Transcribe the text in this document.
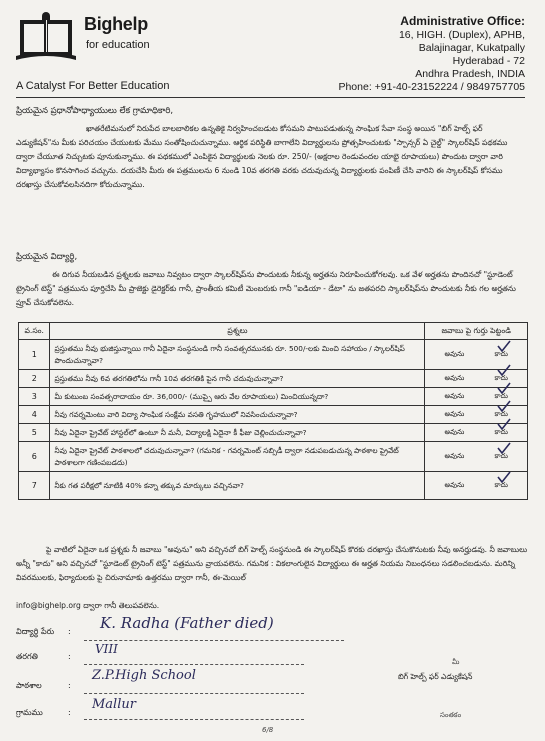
Bighelp
for education
A Catalyst For Better Education
Administrative Office:
16, HIGH. (Duplex), APHB,
Balajinagar, Kukatpally
Hyderabad - 72
Andhra Pradesh, INDIA
Phone: +91-40-23152224 / 9849757705
ప్రియమైన ప్రధానోపాధ్యాయులు లేక గ్రామాధికారి,
ఖాతరేటిమనులో నిరుపేద బాలబాలికల ఉన్నతికై నిర్వహించబడుట కోసమని పాటుపడుతున్న సాంఘిక సేవా సంస్థ అయిన "బిగ్ హెల్ప్ ఫర్ ఎడ్యుకేషన్"ను మీకు పరిచయం చేయుటకు మేము సంతోషించుచున్నాము. ఆర్థిక పరిస్థితి బాగాలేని విద్యార్థులను ప్రోత్సహించుటకు "స్పాన్సర్ ఏ చైల్డ్" స్కాలర్‌షిప్ పథకము ద్వారా చేయూత నిచ్చుటకు పూనుకున్నాము. ఈ పథకములో ఎంపికైన విద్యార్థులకు నెలకు రూ. 250/- (అక్షరాల రెండువందల యాభై రూపాయలు) పొందుట ద్వారా వారి విద్యాభ్యాసం కొనసాగించ వచ్చును. దయచేసి మీరు ఈ పత్రములను 6 నుండి 10వ తరగతి వరకు చదువుచున్న విద్యార్థులకు పంపిణీ చేసి వారిని ఈ స్కాలర్‌షిప్ కోసము దరఖాస్తు చేసుకోవలసినదిగా కోరుచున్నాము.
ప్రియమైన విద్యార్థి,
ఈ దిగువ నీయబడిన ప్రశ్నలకు జవాబు నివ్వటం ద్వారా స్కాలర్‌షిప్‌ను పొందుటకు నీకున్న అర్హతను నిరూపించుకోగలవు. ఒక వేళ అర్హతను పొందినచో "స్టూడెంట్ ట్రైనింగ్ టెస్ట్" పత్రమును పూర్తిచేసి మీ ప్రాజెక్టు డైరెక్టర్‌కు గానీ, ప్రాంతీయ కమిటీ మెంబరుకు గానీ "ఐడియా - డేటా" ను జతపరచి స్కాలర్‌షిప్‌ను పొందుటకు నీకు గల అర్హతను ప్రూవ్ చేసుకోవలెను.
వ.సం.	ప్రశ్నలు	జవాబు పై గుర్తు పెట్టండి
1	ప్రస్తుతము నీవు భుజిస్తున్నాయి గానీ ఏదైనా సంస్థనుండి గానీ సంవత్సరమునకు రూ. 500/-లకు మించి సహాయం / స్కాలర్‌షిప్ పొందుచున్నావా?	అవును కాదు

2	ప్రస్తుతము నీవు 6వ తరగతిలోను గానీ 10వ తరగతికి పైన గానీ చదువుచున్నావా?	అవును కాదు

3	మీ కుటుంబ సంవత్సరాదాయం రూ. 36,000/- (ముప్పై ఆరు వేల రూపాయలు) మించియున్నదా?	అవును కాదు

4	నీవు గవర్నమెంటు వారి విద్యా సాంఘిక సంక్షేమ వసతి గృహములో నివసించుచున్నావా?	అవును కాదు

5	నీవు ఏదైనా ప్రైవేట్ హాస్టల్‌లో ఉంటూ నీ మనీ, విద్యాలక్షి ఏదైనా కీ ఫీజు చెల్లించుచున్నావా?	అవును కాదు

6	నీవు ఏదైనా ప్రైవేట్ పాఠశాలలో చదువుచున్నావా? (గమనిక - గవర్నమెంట్ సబ్సిడీ ద్వారా నడుపబడుచున్న పాఠశాల ప్రైవేట్ పాఠశాలగా గణింపబడదు)	అవును కాదు

7	నీకు గత పరీక్షలో నూటికి 40% కన్నా తక్కువ మార్కులు వచ్చినవా?	అవును కాదు
పై వాటిలో ఏదైనా ఒక ప్రశ్నకు నీ జవాబు "అవును" అని వచ్చినచో బిగ్ హెల్ప్ సంస్థనుండి ఈ స్కాలర్‌షిప్ కొరకు దరఖాస్తు చేసుకొనుటకు నీవు అనర్హుడవు. నీ జవాబులు అన్నీ "కాదు" అని వచ్చినచో "స్టూడెంట్ ట్రైనింగ్ టెస్ట్" పత్రమును వ్రాయవలెను. గమనిక : వికలాంగులైన విద్యార్థులు ఈ అర్హత నియమ నిబంధనలు సడలించబడును. మరిన్ని వివరములకు, ఫిర్యాదులకు పై చిరునామాకు ఉత్తరము ద్వారా గానీ, ఈ-మెయిల్
info@bighelp.org ద్వారా గానీ తెలుపవలెను.
విద్యార్థి పేరు : K. Radha (Father died)
తరగతి	:
VIII
పాఠశాల	:
Z.P.High School
గ్రామము	:
Mallur
మీ
బిగ్ హెల్ప్ ఫర్ ఎడ్యుకేషన్
సంతకం
6/8
